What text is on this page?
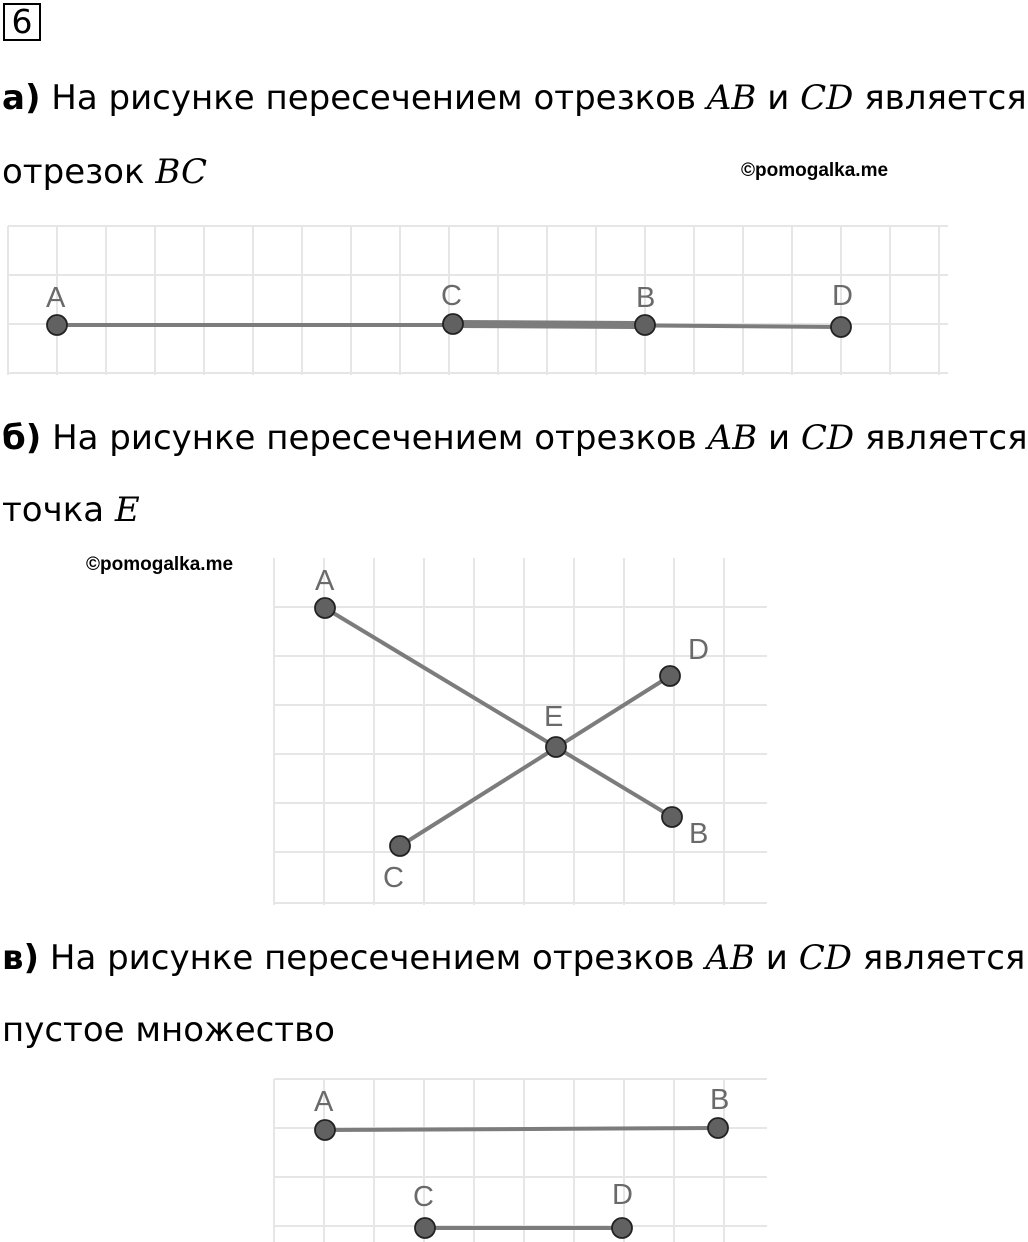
6
а) На рисунке пересечением отрезков AB и CD является
отрезок BC	©pomogalka.me
A	C	B	D
б) На рисунке пересечением отрезков AB и CD является
точка E
©pomogalka.me
A
B
C
D
E
в) На рисунке пересечением отрезков AB и CD является
пустое множество
A	B
C	D
